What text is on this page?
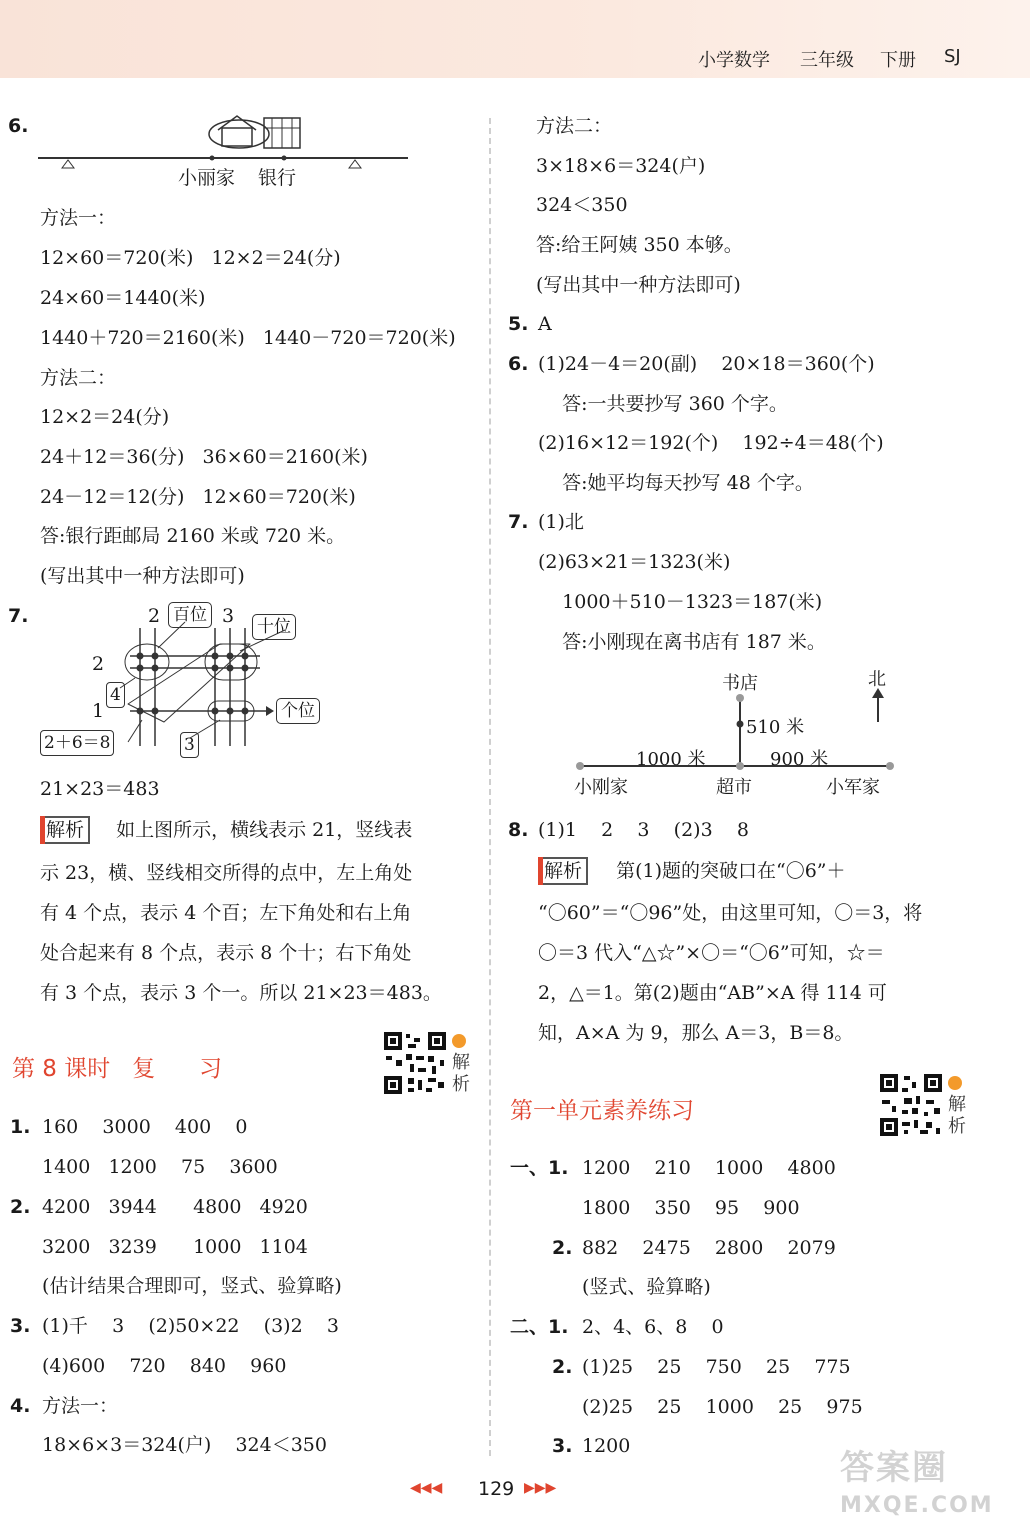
小学数学 三年级 下册 SJ
6.
小丽家 银行
方法一：
12×60＝720(米)   12×2＝24(分)
24×60＝1440(米)
1440＋720＝2160(米)   1440－720＝720(米)
方法二：
12×2＝24(分)
24＋12＝36(分)   36×60＝2160(米)
24－12＝12(分)   12×60＝720(米)
答:银行距邮局 2160 米或 720 米。
(写出其中一种方法即可)
7.	2	3
百位
十位
个位
2
1
4
2＋6＝8	3
21×23＝483
解析	如上图所示，横线表示 21，竖线表
示 23，横、竖线相交所得的点中，左上角处
有 4 个点，表示 4 个百；左下角处和右上角
处合起来有 8 个点，表示 8 个十；右下角处
有 3 个点，表示 3 个一。所以 21×23＝483。
第 8 课时   复      习	解
析
1. 160    3000    400    0
1400   1200    75    3600
2. 4200   3944      4800   4920
3200   3239      1000   1104
(估计结果合理即可，竖式、验算略)
3. (1)千    3    (2)50×22    (3)2    3
(4)600    720    840    960
4. 方法一：
18×6×3＝324(户)    324＜350
方法二：
3×18×6＝324(户)
324＜350
答:给王阿姨 350 本够。
(写出其中一种方法即可)
5. A
6. (1)24－4＝20(副)    20×18＝360(个)
答:一共要抄写 360 个字。
(2)16×12＝192(个)    192÷4＝48(个)
答:她平均每天抄写 48 个字。
7. (1)北
(2)63×21＝1323(米)
1000＋510－1323＝187(米)
答:小刚现在离书店有 187 米。
书店	北
510 米
1000 米	900 米
小刚家	超市	小军家
8. (1)1    2    3    (2)3    8
解析	第(1)题的突破口在“〇6”＋
“〇60”＝“〇96”处，由这里可知，〇＝3，将
〇＝3 代入“△☆”×〇＝“〇6”可知，☆＝
2，△＝1。第(2)题由“AB”×A 得 114 可
知，A×A 为 9，那么 A＝3，B＝8。
第一单元素养练习	解
析
一、1. 1200    210    1000    4800
1800    350    95    900
2. 882    2475    2800    2079
(竖式、验算略)
二、1. 2、4、6、8    0
2. (1)25    25    750    25    775
(2)25    25    1000    25    975
3. 1200
◀◀◀ 129 ▶▶▶	答案圈
MXQE.COM
